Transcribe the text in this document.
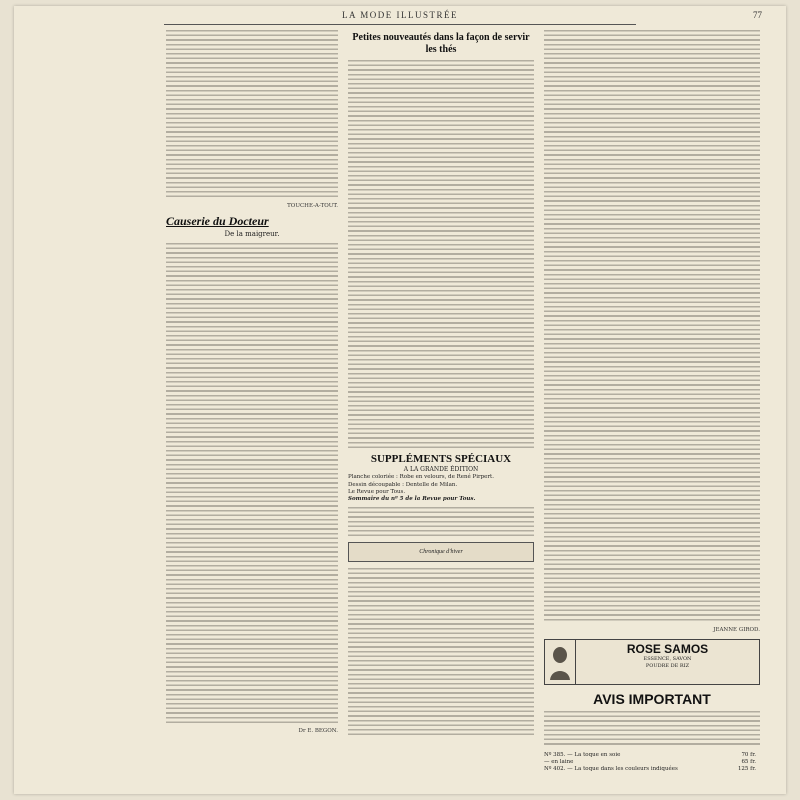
LA MODE ILLUSTRÉE	77
TOUCHE-A-TOUT.
Causerie du Docteur
De la maigreur.
Dr E. BEGON.
Petites nouveautés dans la façon de servir les thés
SUPPLÉMENTS SPÉCIAUX
A LA GRANDE ÉDITION
Planche coloriée : Robe en velours, de René Pirpert.
Dessin découpable : Dentelle de Milan.
Le Revue pour Tous.
Sommaire du nº 5 de la Revue pour Tous.
Chronique d'hiver
JEANNE GIROD.
ROSE SAMOS
ESSENCE, SAVON
POUDRE DE RIZ
AVIS IMPORTANT
Nº 385. — La toque en soie	70 fr.
— en laine	65 fr.
Nº 402. — La toque dans les couleurs indiquées	125 fr.
